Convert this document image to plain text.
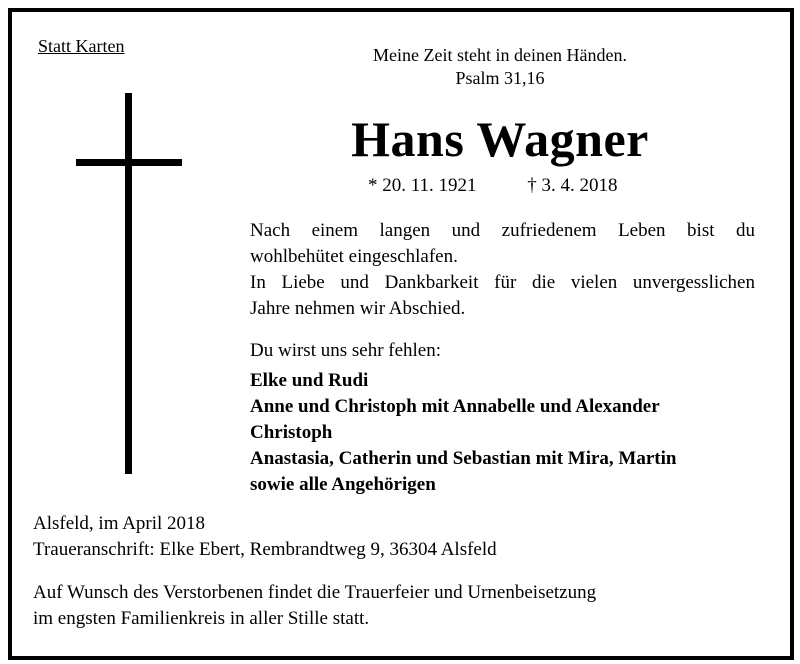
Statt Karten	Meine Zeit steht in deinen Händen.
Psalm 31,16
Hans Wagner
* 20. 11. 1921	† 3. 4. 2018
Nach einem langen und zufriedenem Leben bist du
wohlbehütet eingeschlafen.
In Liebe und Dankbarkeit für die vielen unvergesslichen
Jahre nehmen wir Abschied.
Du wirst uns sehr fehlen:
Elke und Rudi
Anne und Christoph mit Annabelle und Alexander
Christoph
Anastasia, Catherin und Sebastian mit Mira, Martin
sowie alle Angehörigen
Alsfeld, im April 2018
Traueranschrift: Elke Ebert, Rembrandtweg 9, 36304 Alsfeld
Auf Wunsch des Verstorbenen findet die Trauerfeier und Urnenbeisetzung
im engsten Familienkreis in aller Stille statt.
